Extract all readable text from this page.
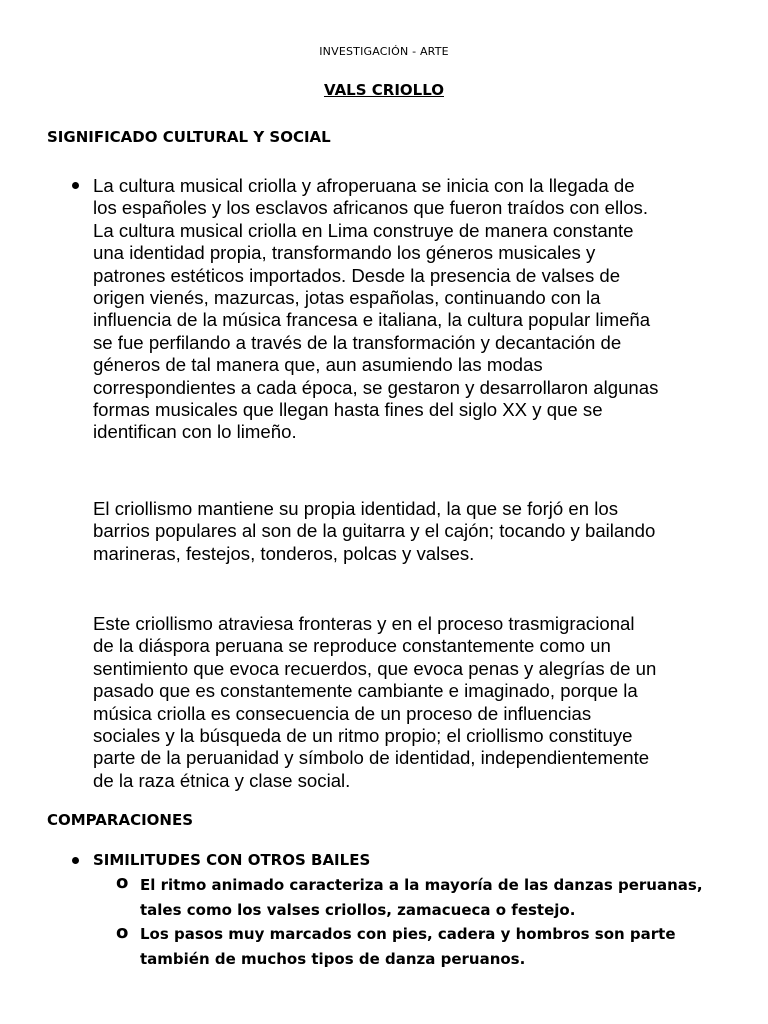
INVESTIGACIÓN - ARTE
VALS CRIOLLO
SIGNIFICADO CULTURAL Y SOCIAL
La cultura musical criolla y afroperuana se inicia con la llegada de
los españoles y los esclavos africanos que fueron traídos con ellos.
La cultura musical criolla en Lima construye de manera constante
una identidad propia, transformando los géneros musicales y
patrones estéticos importados. Desde la presencia de valses de
origen vienés, mazurcas, jotas españolas, continuando con la
influencia de la música francesa e italiana, la cultura popular limeña
se fue perfilando a través de la transformación y decantación de
géneros de tal manera que, aun asumiendo las modas
correspondientes a cada época, se gestaron y desarrollaron algunas
formas musicales que llegan hasta fines del siglo XX y que se
identifican con lo limeño.
El criollismo mantiene su propia identidad, la que se forjó en los
barrios populares al son de la guitarra y el cajón; tocando y bailando
marineras, festejos, tonderos, polcas y valses.
Este criollismo atraviesa fronteras y en el proceso trasmigracional
de la diáspora peruana se reproduce constantemente como un
sentimiento que evoca recuerdos, que evoca penas y alegrías de un
pasado que es constantemente cambiante e imaginado, porque la
música criolla es consecuencia de un proceso de influencias
sociales y la búsqueda de un ritmo propio; el criollismo constituye
parte de la peruanidad y símbolo de identidad, independientemente
de la raza étnica y clase social.
COMPARACIONES
SIMILITUDES CON OTROS BAILES
o El ritmo animado caracteriza a la mayoría de las danzas peruanas,
tales como los valses criollos, zamacueca o festejo.
o Los pasos muy marcados con pies, cadera y hombros son parte
también de muchos tipos de danza peruanos.
